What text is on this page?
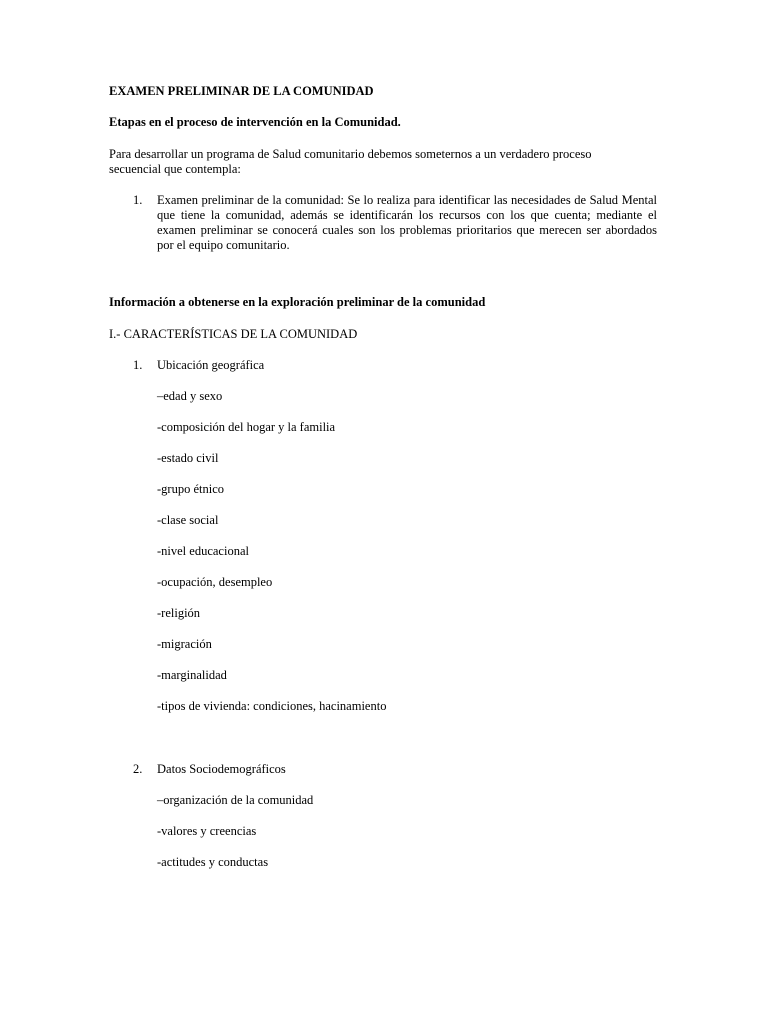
EXAMEN PRELIMINAR DE LA COMUNIDAD
Etapas en el proceso de intervención en la Comunidad.
Para desarrollar un programa de Salud comunitario debemos someternos a un verdadero proceso
secuencial que contempla:
1. Examen preliminar de la comunidad: Se lo realiza para identificar las necesidades de Salud Mental que tiene la comunidad, además se identificarán los recursos con los que cuenta; mediante el examen preliminar se conocerá cuales son los problemas prioritarios que merecen ser abordados por el equipo comunitario.
Información a obtenerse en la exploración preliminar de la comunidad
I.- CARACTERÍSTICAS DE LA COMUNIDAD
1. Ubicación geográfica
–edad y sexo
-composición del hogar y la familia
-estado civil
-grupo étnico
-clase social
-nivel educacional
-ocupación, desempleo
-religión
-migración
-marginalidad
-tipos de vivienda: condiciones, hacinamiento
2. Datos Sociodemográficos
–organización de la comunidad
-valores y creencias
-actitudes y conductas
